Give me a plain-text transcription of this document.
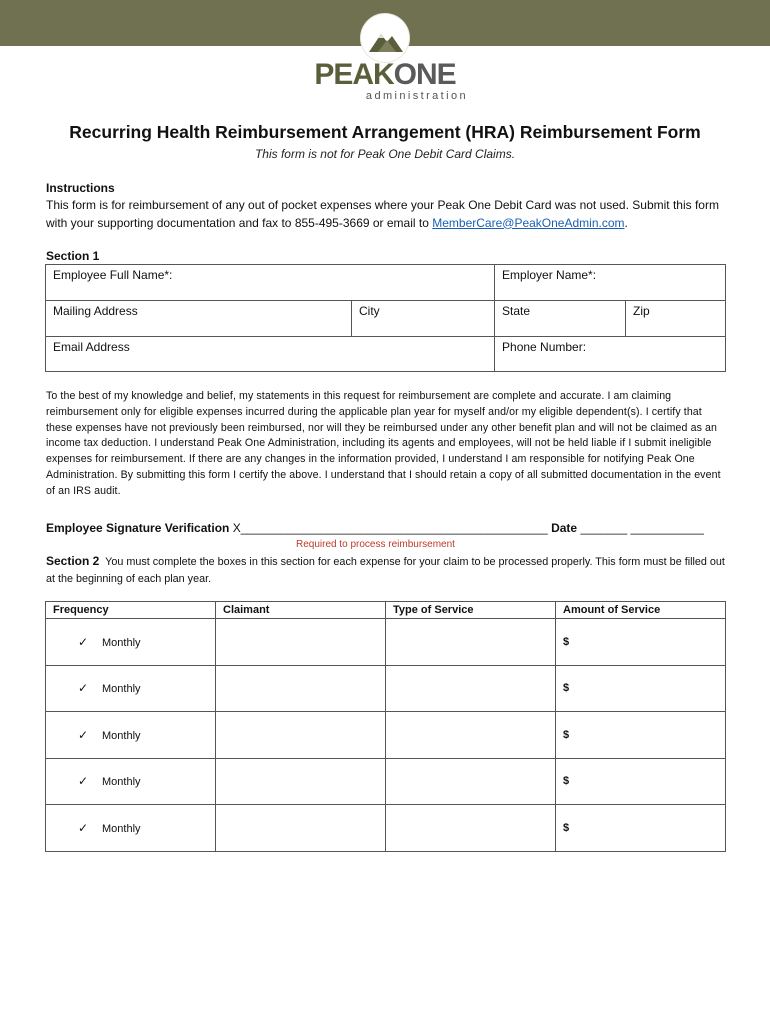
PEAKONE
administration
Recurring Health Reimbursement Arrangement (HRA) Reimbursement Form
This form is not for Peak One Debit Card Claims.
Instructions
This form is for reimbursement of any out of pocket expenses where your Peak One Debit Card was not used. Submit this form with your supporting documentation and fax to 855-495-3669 or email to MemberCare@PeakOneAdmin.com.
Section 1
Employee Full Name*:		Employer Name*:	
Mailing Address	City	State	Zip
Email Address		Phone Number:	
To the best of my knowledge and belief, my statements in this request for reimbursement are complete and accurate. I am claiming reimbursement only for eligible expenses incurred during the applicable plan year for myself and/or my eligible dependent(s). I certify that these expenses have not previously been reimbursed, nor will they be reimbursed under any other benefit plan and will not be claimed as an income tax deduction. I understand Peak One Administration, including its agents and employees, will not be held liable if I submit ineligible expenses for reimbursement. If there are any changes in the information provided, I understand I am responsible for notifying Peak One Administration. By submitting this form I certify the above. I understand that I should retain a copy of all submitted documentation in the event of an IRS audit.
Employee Signature Verification X______________________________________________ Date _______ ___________
Required to process reimbursement
Section 2 You must complete the boxes in this section for each expense for your claim to be processed properly. This form must be filled out at the beginning of each plan year.
Frequency	Claimant	Type of Service	Amount of Service
✓ Monthly			$
✓ Monthly			$
✓ Monthly			$
✓ Monthly			$
✓ Monthly			$
